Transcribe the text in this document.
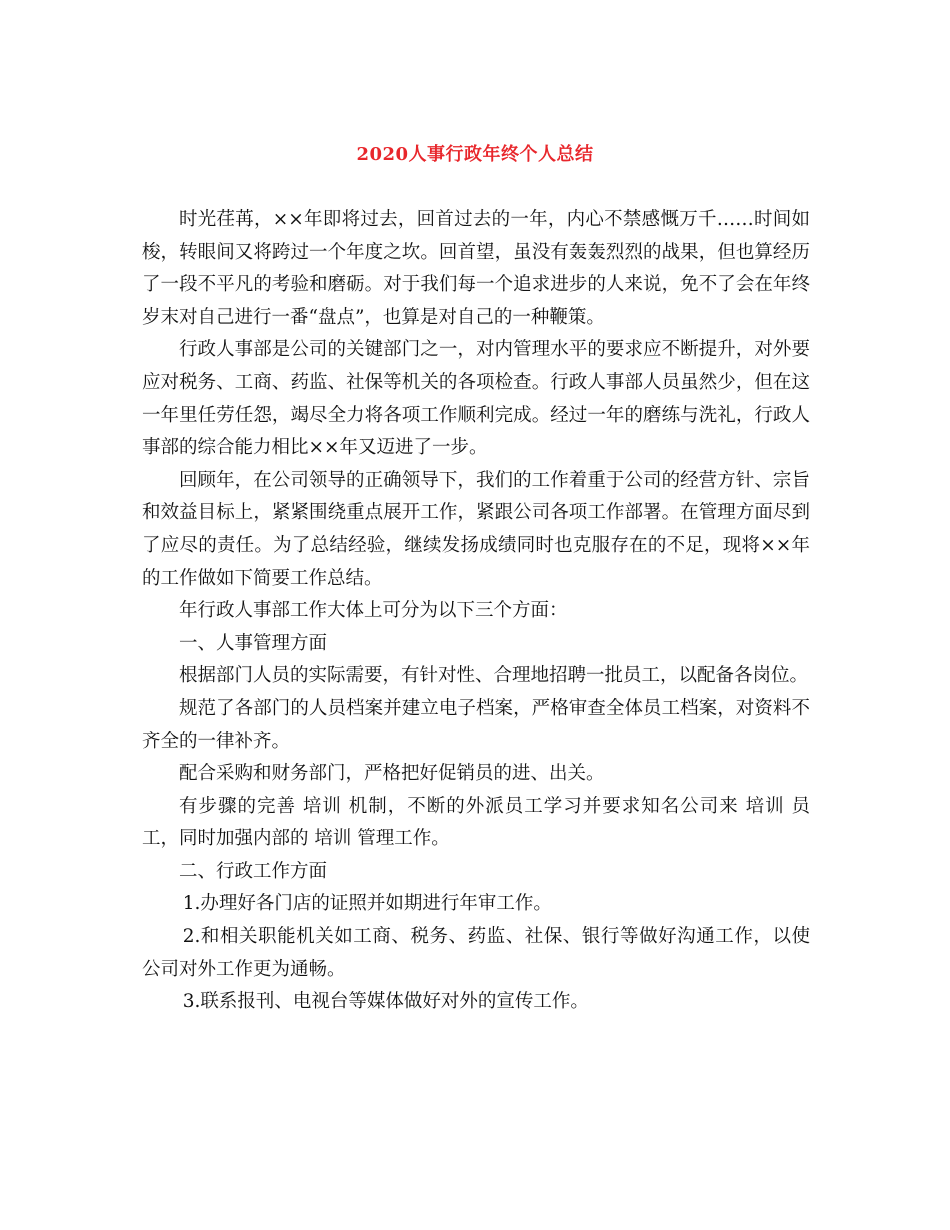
2020人事行政年终个人总结

时光荏苒，××年即将过去，回首过去的一年，内心不禁感慨万千……时间如梭，转眼间又将跨过一个年度之坎。回首望，虽没有轰轰烈烈的战果，但也算经历了一段不平凡的考验和磨砺。对于我们每一个追求进步的人来说，免不了会在年终岁末对自己进行一番“盘点”，也算是对自己的一种鞭策。

行政人事部是公司的关键部门之一，对内管理水平的要求应不断提升，对外要应对税务、工商、药监、社保等机关的各项检查。行政人事部人员虽然少，但在这一年里任劳任怨，竭尽全力将各项工作顺利完成。经过一年的磨练与洗礼，行政人事部的综合能力相比××年又迈进了一步。

回顾年，在公司领导的正确领导下，我们的工作着重于公司的经营方针、宗旨和效益目标上，紧紧围绕重点展开工作，紧跟公司各项工作部署。在管理方面尽到了应尽的责任。为了总结经验，继续发扬成绩同时也克服存在的不足，现将××年的工作做如下简要工作总结。

年行政人事部工作大体上可分为以下三个方面：

一、人事管理方面

根据部门人员的实际需要，有针对性、合理地招聘一批员工，以配备各岗位。

规范了各部门的人员档案并建立电子档案，严格审查全体员工档案，对资料不齐全的一律补齐。

配合采购和财务部门，严格把好促销员的进、出关。

有步骤的完善 培训 机制，不断的外派员工学习并要求知名公司来 培训 员工，同时加强内部的 培训 管理工作。

二、行政工作方面

1.办理好各门店的证照并如期进行年审工作。

2.和相关职能机关如工商、税务、药监、社保、银行等做好沟通工作，以使公司对外工作更为通畅。

3.联系报刊、电视台等媒体做好对外的宣传工作。
